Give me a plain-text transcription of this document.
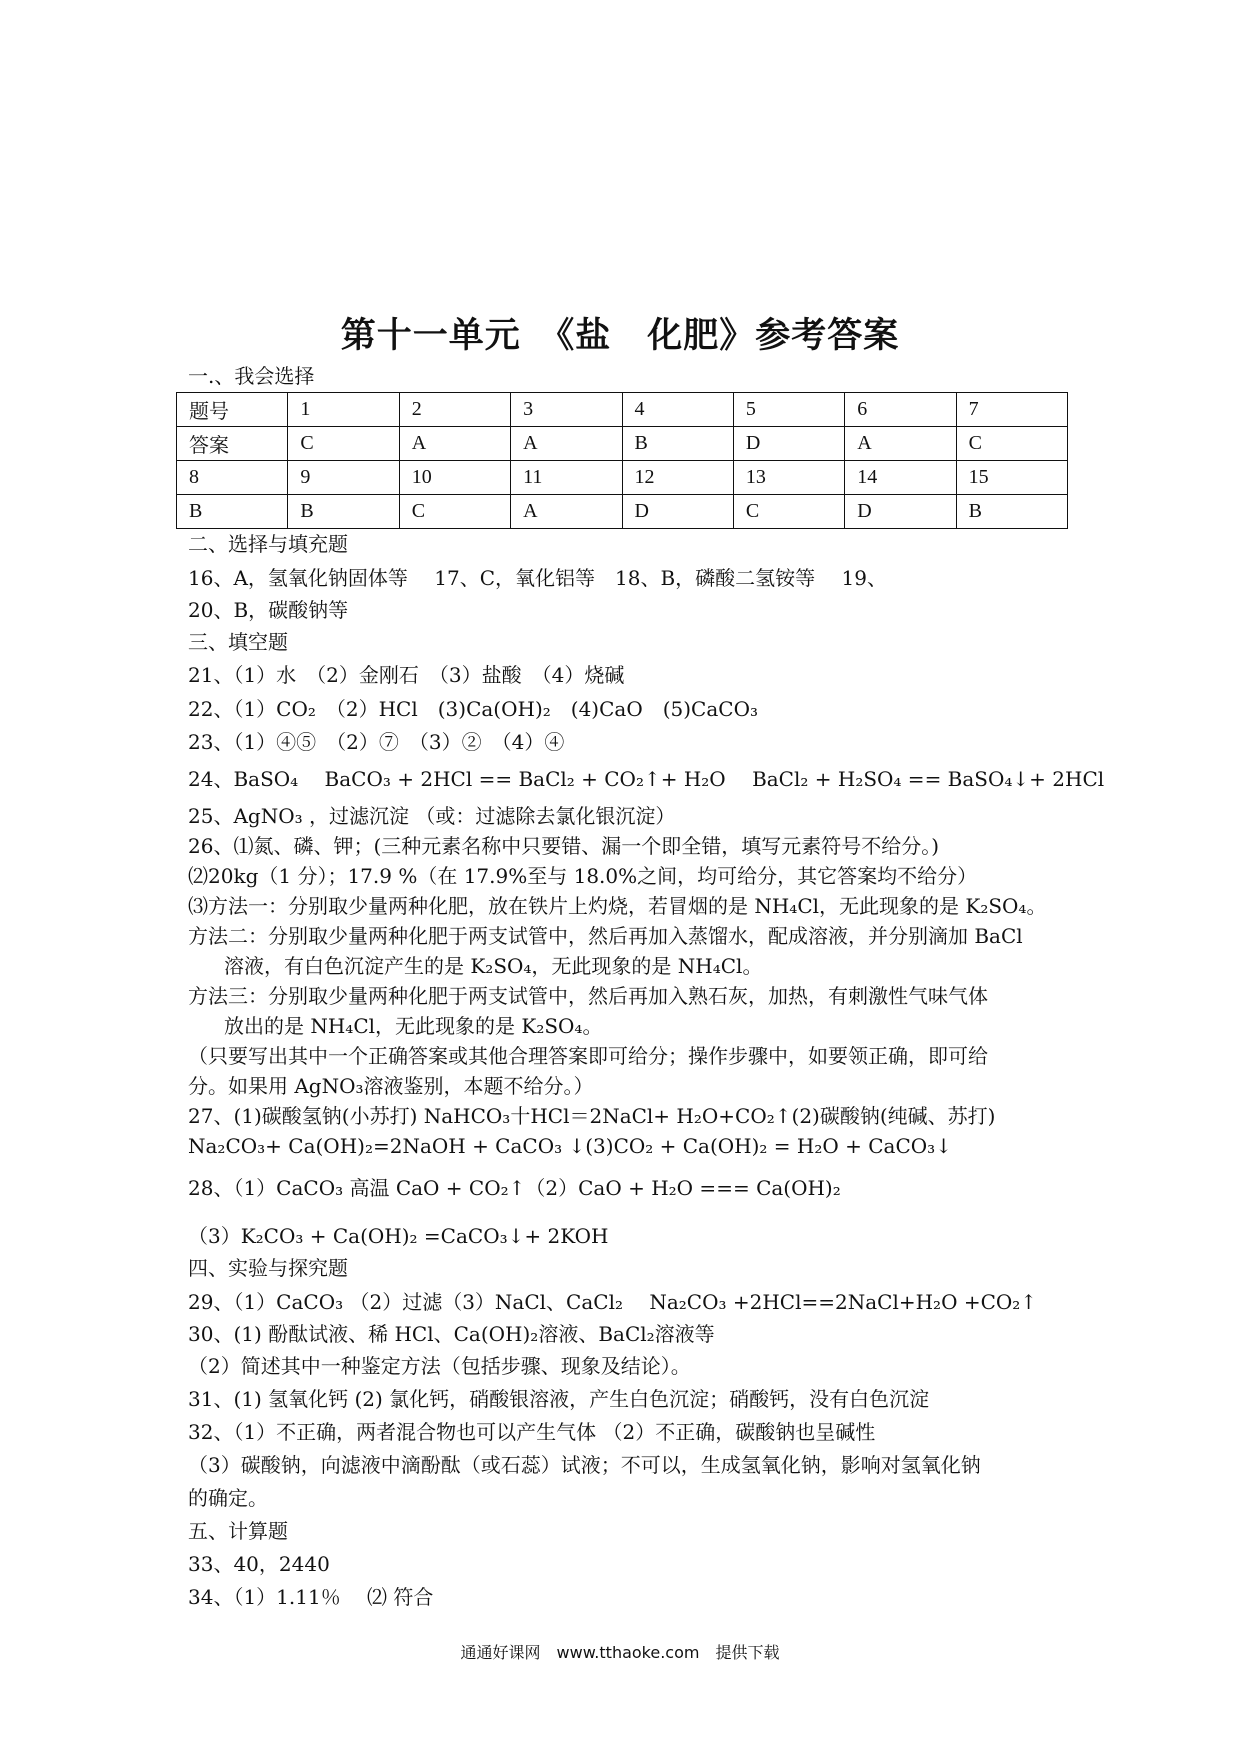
第十一单元　《盐　化肥》参考答案
一.、我会选择
题号	1	2	3	4	5	6	7
答案	C	A	A	B	D	A	C
8	9	10	11	12	13	14	15
B	B	C	A	D	C	D	B
二、选择与填充题
16、A，氢氧化钠固体等　 17、C，氧化铝等　18、B，磷酸二氢铵等　 19、
20、B，碳酸钠等
三、填空题
21、（1）水　（2）金刚石　（3）盐酸　（4）烧碱
22、（1）CO₂　（2）HCl　(3)Ca(OH)₂　(4)CaO　(5)CaCO₃
23、（1）④⑤　（2）⑦　（3）②　（4）④
24、BaSO₄　 BaCO₃ + 2HCl == BaCl₂ + CO₂↑+ H₂O　 BaCl₂ + H₂SO₄ == BaSO₄↓+ 2HCl
25、AgNO₃ ，过滤沉淀 （或：过滤除去氯化银沉淀）
26、⑴氮、磷、钾；(三种元素名称中只要错、漏一个即全错，填写元素符号不给分。)
⑵20kg（1 分）；17.9 %（在 17.9%至与 18.0%之间，均可给分，其它答案均不给分）
⑶方法一：分别取少量两种化肥，放在铁片上灼烧，若冒烟的是 NH₄Cl，无此现象的是 K₂SO₄。
方法二：分别取少量两种化肥于两支试管中，然后再加入蒸馏水，配成溶液，并分别滴加 BaCl
溶液，有白色沉淀产生的是 K₂SO₄，无此现象的是 NH₄Cl。
方法三：分别取少量两种化肥于两支试管中，然后再加入熟石灰，加热，有刺激性气味气体
放出的是 NH₄Cl，无此现象的是 K₂SO₄。
（只要写出其中一个正确答案或其他合理答案即可给分；操作步骤中，如要领正确，即可给
分。如果用 AgNO₃溶液鉴别，本题不给分。）
27、(1)碳酸氢钠(小苏打) NaHCO₃十HCl＝2NaCl+ H₂O+CO₂↑(2)碳酸钠(纯碱、苏打)
Na₂CO₃+ Ca(OH)₂=2NaOH + CaCO₃ ↓(3)CO₂ + Ca(OH)₂ = H₂O + CaCO₃↓
28、（1）CaCO₃ 高温 CaO + CO₂↑（2）CaO + H₂O === Ca(OH)₂
（3）K₂CO₃ + Ca(OH)₂ =CaCO₃↓+ 2KOH
四、实验与探究题
29、（1）CaCO₃ （2）过滤（3）NaCl、CaCl₂　 Na₂CO₃ +2HCl==2NaCl+H₂O +CO₂↑
30、(1) 酚酞试液、稀 HCl、Ca(OH)₂溶液、BaCl₂溶液等
（2）简述其中一种鉴定方法（包括步骤、现象及结论）。
31、(1) 氢氧化钙 (2) 氯化钙，硝酸银溶液，产生白色沉淀；硝酸钙，没有白色沉淀
32、（1）不正确，两者混合物也可以产生气体 （2）不正确，碳酸钠也呈碱性
（3）碳酸钠，向滤液中滴酚酞（或石蕊）试液；不可以，生成氢氧化钠，影响对氢氧化钠
的确定。
五、计算题
33、40，2440
34、（1）1.11％　 ⑵ 符合
通通好课网　www.tthaoke.com　提供下载
